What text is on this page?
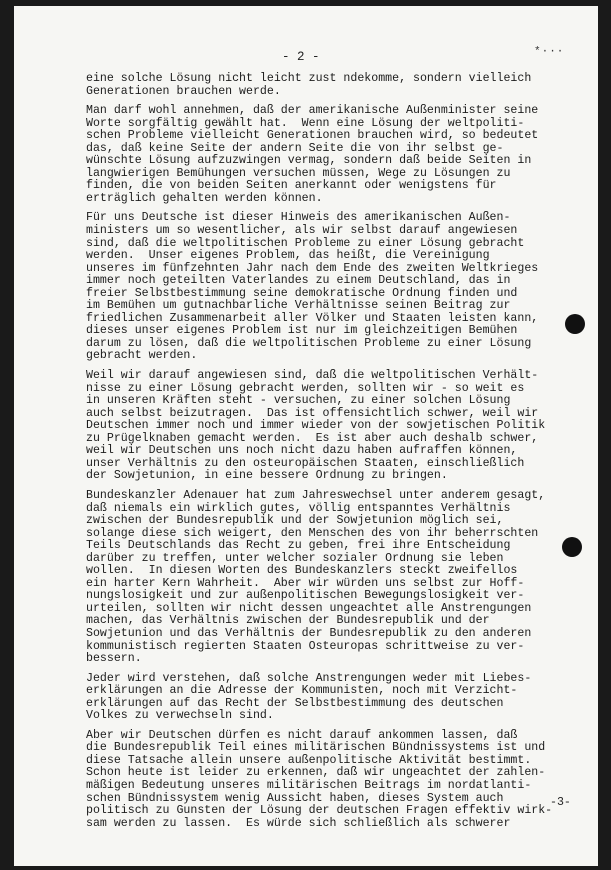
- 2 -	*···
eine solche Lösung nicht leicht zust ndekomme, sondern vielleich
Generationen brauchen werde.
Man darf wohl annehmen, daß der amerikanische Außenminister seine
Worte sorgfältig gewählt hat.  Wenn eine Lösung der weltpoliti-
schen Probleme vielleicht Generationen brauchen wird, so bedeutet
das, daß keine Seite der andern Seite die von ihr selbst ge-
wünschte Lösung aufzuzwingen vermag, sondern daß beide Seiten in
langwierigen Bemühungen versuchen müssen, Wege zu Lösungen zu
finden, die von beiden Seiten anerkannt oder wenigstens für
erträglich gehalten werden können.
Für uns Deutsche ist dieser Hinweis des amerikanischen Außen-
ministers um so wesentlicher, als wir selbst darauf angewiesen
sind, daß die weltpolitischen Probleme zu einer Lösung gebracht
werden.  Unser eigenes Problem, das heißt, die Vereinigung
unseres im fünfzehnten Jahr nach dem Ende des zweiten Weltkrieges
immer noch geteilten Vaterlandes zu einem Deutschland, das in
freier Selbstbestimmung seine demokratische Ordnung finden und
im Bemühen um gutnachbarliche Verhältnisse seinen Beitrag zur
friedlichen Zusammenarbeit aller Völker und Staaten leisten kann,
dieses unser eigenes Problem ist nur im gleichzeitigen Bemühen
darum zu lösen, daß die weltpolitischen Probleme zu einer Lösung
gebracht werden.
Weil wir darauf angewiesen sind, daß die weltpolitischen Verhält-
nisse zu einer Lösung gebracht werden, sollten wir - so weit es
in unseren Kräften steht - versuchen, zu einer solchen Lösung
auch selbst beizutragen.  Das ist offensichtlich schwer, weil wir
Deutschen immer noch und immer wieder von der sowjetischen Politik
zu Prügelknaben gemacht werden.  Es ist aber auch deshalb schwer,
weil wir Deutschen uns noch nicht dazu haben aufraffen können,
unser Verhältnis zu den osteuropäischen Staaten, einschließlich
der Sowjetunion, in eine bessere Ordnung zu bringen.
Bundeskanzler Adenauer hat zum Jahreswechsel unter anderem gesagt,
daß niemals ein wirklich gutes, völlig entspanntes Verhältnis
zwischen der Bundesrepublik und der Sowjetunion möglich sei,
solange diese sich weigert, den Menschen des von ihr beherrschten
Teils Deutschlands das Recht zu geben, frei ihre Entscheidung
darüber zu treffen, unter welcher sozialer Ordnung sie leben
wollen.  In diesen Worten des Bundeskanzlers steckt zweifellos
ein harter Kern Wahrheit.  Aber wir würden uns selbst zur Hoff-
nungslosigkeit und zur außenpolitischen Bewegungslosigkeit ver-
urteilen, sollten wir nicht dessen ungeachtet alle Anstrengungen
machen, das Verhältnis zwischen der Bundesrepublik und der
Sowjetunion und das Verhältnis der Bundesrepublik zu den anderen
kommunistisch regierten Staaten Osteuropas schrittweise zu ver-
bessern.
Jeder wird verstehen, daß solche Anstrengungen weder mit Liebes-
erklärungen an die Adresse der Kommunisten, noch mit Verzicht-
erklärungen auf das Recht der Selbstbestimmung des deutschen
Volkes zu verwechseln sind.
Aber wir Deutschen dürfen es nicht darauf ankommen lassen, daß
die Bundesrepublik Teil eines militärischen Bündnissystems ist und
diese Tatsache allein unsere außenpolitische Aktivität bestimmt.
Schon heute ist leider zu erkennen, daß wir ungeachtet der zahlen-
mäßigen Bedeutung unseres militärischen Beitrags im nordatlanti-
schen Bündnissystem wenig Aussicht haben, dieses System auch
politisch zu Gunsten der Lösung der deutschen Fragen effektiv wirk-
sam werden zu lassen.  Es würde sich schließlich als schwerer
-3-
